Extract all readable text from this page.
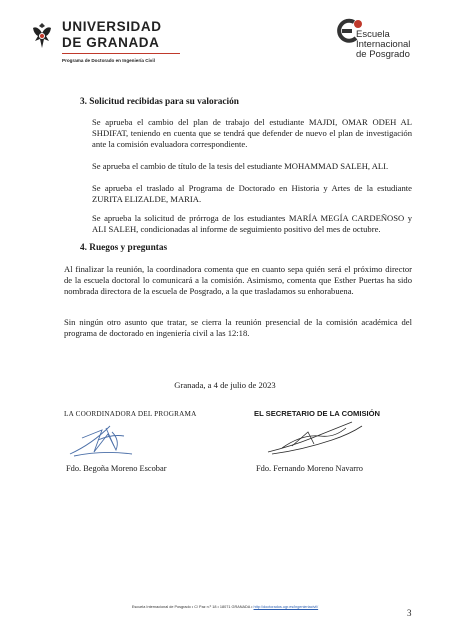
UNIVERSIDAD
DE GRANADA
Programa de Doctorado en Ingeniería Civil
Escuela
Internacional
de Posgrado
3. Solicitud recibidas para su valoración
Se aprueba el cambio del plan de trabajo del estudiante MAJDI, OMAR ODEH AL SHDIFAT, teniendo en cuenta que se tendrá que defender de nuevo el plan de investigación ante la comisión evaluadora correspondiente.
Se aprueba el cambio de título de la tesis del estudiante MOHAMMAD SALEH, ALI.
Se aprueba el traslado al Programa de Doctorado en Historia y Artes de la estudiante ZURITA ELIZALDE, MARIA.
Se aprueba la solicitud de prórroga de los estudiantes MARÍA MEGÍA CARDEÑOSO y ALI SALEH, condicionadas al informe de seguimiento positivo del mes de octubre.
4. Ruegos y preguntas
Al finalizar la reunión, la coordinadora comenta que en cuanto sepa quién será el próximo director de la escuela doctoral lo comunicará a la comisión. Asimismo, comenta que Esther Puertas ha sido nombrada directora de la escuela de Posgrado, a la que trasladamos su enhorabuena.
Sin ningún otro asunto que tratar, se cierra la reunión presencial de la comisión académica del programa de doctorado en ingeniería civil a las 12:18.
Granada, a 4 de julio de 2023
LA COORDINADORA DEL PROGRAMA	EL SECRETARIO DE LA COMISIÓN
Fdo. Begoña Moreno Escobar	Fdo. Fernando Moreno Navarro
Escuela Internacional de Posgrado • C/ Paz n.º 18 • 18071 GRANADA • http://doctorados.ugr.es/ingenieriacivil/
3
